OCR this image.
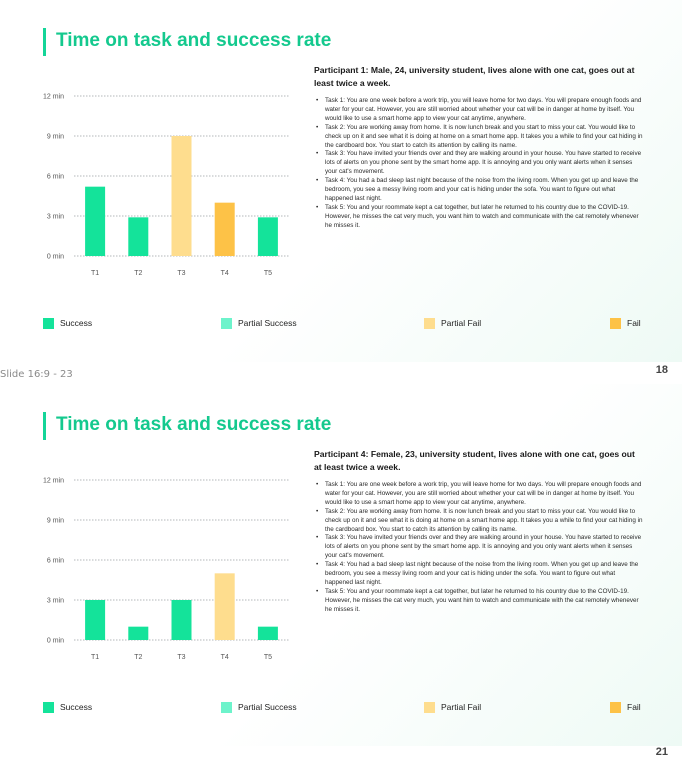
Time on task and success rate
0 min
3 min
6 min
9 min
12 min
T1	T2	T3	T4	T5
Participant 1: Male, 24, university student, lives alone with one cat, goes out at least twice a week.
• Task 1: You are one week before a work trip, you will leave home for two days. You will prepare enough foods and water for your cat. However, you are still worried about whether your cat will be in danger at home by itself. You would like to use a smart home app to view your cat anytime, anywhere.
• Task 2: You are working away from home. It is now lunch break and you start to miss your cat. You would like to check up on it and see what it is doing at home on a smart home app. It takes you a while to find your cat hiding in the cardboard box. You start to catch its attention by calling its name.
• Task 3: You have invited your friends over and they are walking around in your house. You have started to receive lots of alerts on you phone sent by the smart home app. It is annoying and you only want alerts when it senses your cat's movement.
• Task 4: You had a bad sleep last night because of the noise from the living room. When you get up and leave the bedroom, you see a messy living room and your cat is hiding under the sofa. You want to figure out what happened last night.
• Task 5: You and your roommate kept a cat together, but later he returned to his country due to the COVID-19. However, he misses the cat very much, you want him to watch and communicate with the cat remotely whenever he misses it.
Success	Partial Success	Partial Fail	Fail
18
Slide 16:9 - 23
Time on task and success rate
0 min
3 min
6 min
9 min
12 min
T1	T2	T3	T4	T5
Participant 4: Female, 23, university student, lives alone with one cat, goes out at least twice a week.
• Task 1: You are one week before a work trip, you will leave home for two days. You will prepare enough foods and water for your cat. However, you are still worried about whether your cat will be in danger at home by itself. You would like to use a smart home app to view your cat anytime, anywhere.
• Task 2: You are working away from home. It is now lunch break and you start to miss your cat. You would like to check up on it and see what it is doing at home on a smart home app. It takes you a while to find your cat hiding in the cardboard box. You start to catch its attention by calling its name.
• Task 3: You have invited your friends over and they are walking around in your house. You have started to receive lots of alerts on you phone sent by the smart home app. It is annoying and you only want alerts when it senses your cat's movement.
• Task 4: You had a bad sleep last night because of the noise from the living room. When you get up and leave the bedroom, you see a messy living room and your cat is hiding under the sofa. You want to figure out what happened last night.
• Task 5: You and your roommate kept a cat together, but later he returned to his country due to the COVID-19. However, he misses the cat very much, you want him to watch and communicate with the cat remotely whenever he misses it.
Success	Partial Success	Partial Fail	Fail
21
